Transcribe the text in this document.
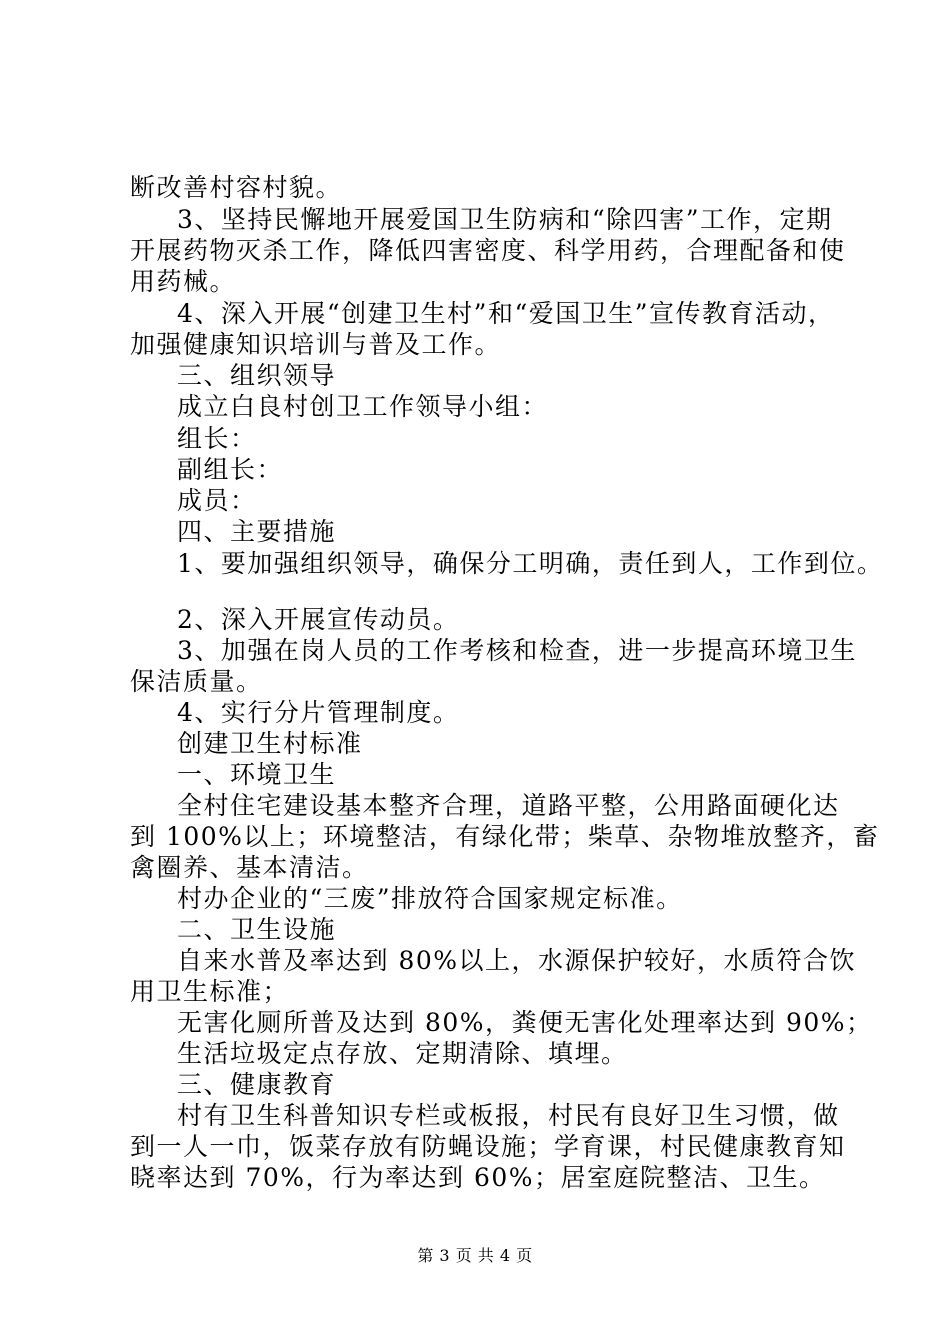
断改善村容村貌。
3、坚持民懈地开展爱国卫生防病和“除四害”工作，定期
开展药物灭杀工作，降低四害密度、科学用药，合理配备和使
用药械。
4、深入开展“创建卫生村”和“爱国卫生”宣传教育活动，
加强健康知识培训与普及工作。
三、组织领导
成立白良村创卫工作领导小组：
组长：
副组长：
成员：
四、主要措施
1、要加强组织领导，确保分工明确，责任到人，工作到位。
2、深入开展宣传动员。
3、加强在岗人员的工作考核和检查，进一步提高环境卫生
保洁质量。
4、实行分片管理制度。
创建卫生村标准
一、环境卫生
全村住宅建设基本整齐合理，道路平整，公用路面硬化达
到 100%以上；环境整洁，有绿化带；柴草、杂物堆放整齐，畜
禽圈养、基本清洁。
村办企业的“三废”排放符合国家规定标准。
二、卫生设施
自来水普及率达到 80%以上，水源保护较好，水质符合饮
用卫生标准；
无害化厕所普及达到 80%，粪便无害化处理率达到 90%；
生活垃圾定点存放、定期清除、填埋。
三、健康教育
村有卫生科普知识专栏或板报，村民有良好卫生习惯，做
到一人一巾，饭菜存放有防蝇设施；学育课，村民健康教育知
晓率达到 70%，行为率达到 60%；居室庭院整洁、卫生。
第 3 页 共 4 页
